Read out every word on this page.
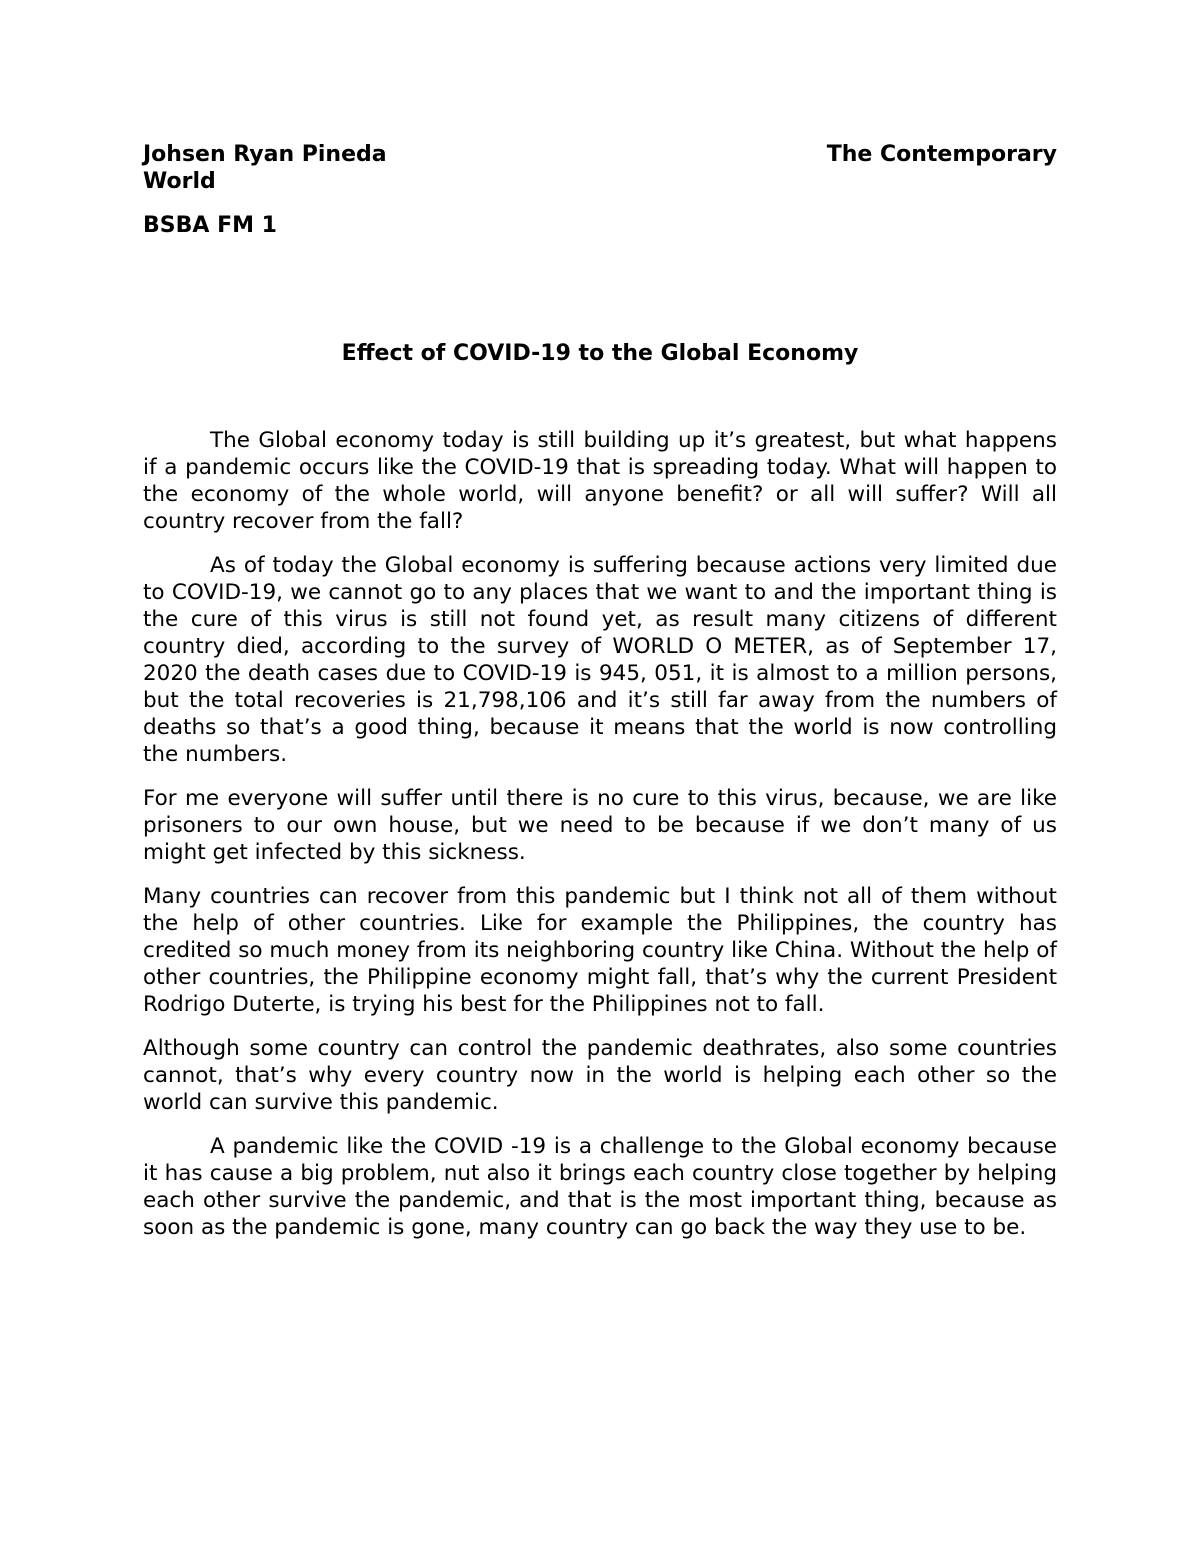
Johsen Ryan Pineda	The Contemporary
World
BSBA FM 1
Effect of COVID-19 to the Global Economy

The Global economy today is still building up it’s greatest, but what happens if a pandemic occurs like the COVID-19 that is spreading today. What will happen to the economy of the whole world, will anyone benefit? or all will suffer? Will all country recover from the fall?

As of today the Global economy is suffering because actions very limited due to COVID-19, we cannot go to any places that we want to and the important thing is the cure of this virus is still not found yet, as result many citizens of different country died, according to the survey of WORLD O METER, as of September 17, 2020 the death cases due to COVID-19 is 945, 051, it is almost to a million persons, but the total recoveries is 21,798,106 and it’s still far away from the numbers of deaths so that’s a good thing, because it means that the world is now controlling the numbers.

For me everyone will suffer until there is no cure to this virus, because, we are like prisoners to our own house, but we need to be because if we don’t many of us might get infected by this sickness.

Many countries can recover from this pandemic but I think not all of them without the help of other countries. Like for example the Philippines, the country has credited so much money from its neighboring country like China. Without the help of other countries, the Philippine economy might fall, that’s why the current President Rodrigo Duterte, is trying his best for the Philippines not to fall.

Although some country can control the pandemic deathrates, also some countries cannot, that’s why every country now in the world is helping each other so the world can survive this pandemic.

A pandemic like the COVID -19 is a challenge to the Global economy because it has cause a big problem, nut also it brings each country close together by helping each other survive the pandemic, and that is the most important thing, because as soon as the pandemic is gone, many country can go back the way they use to be.
